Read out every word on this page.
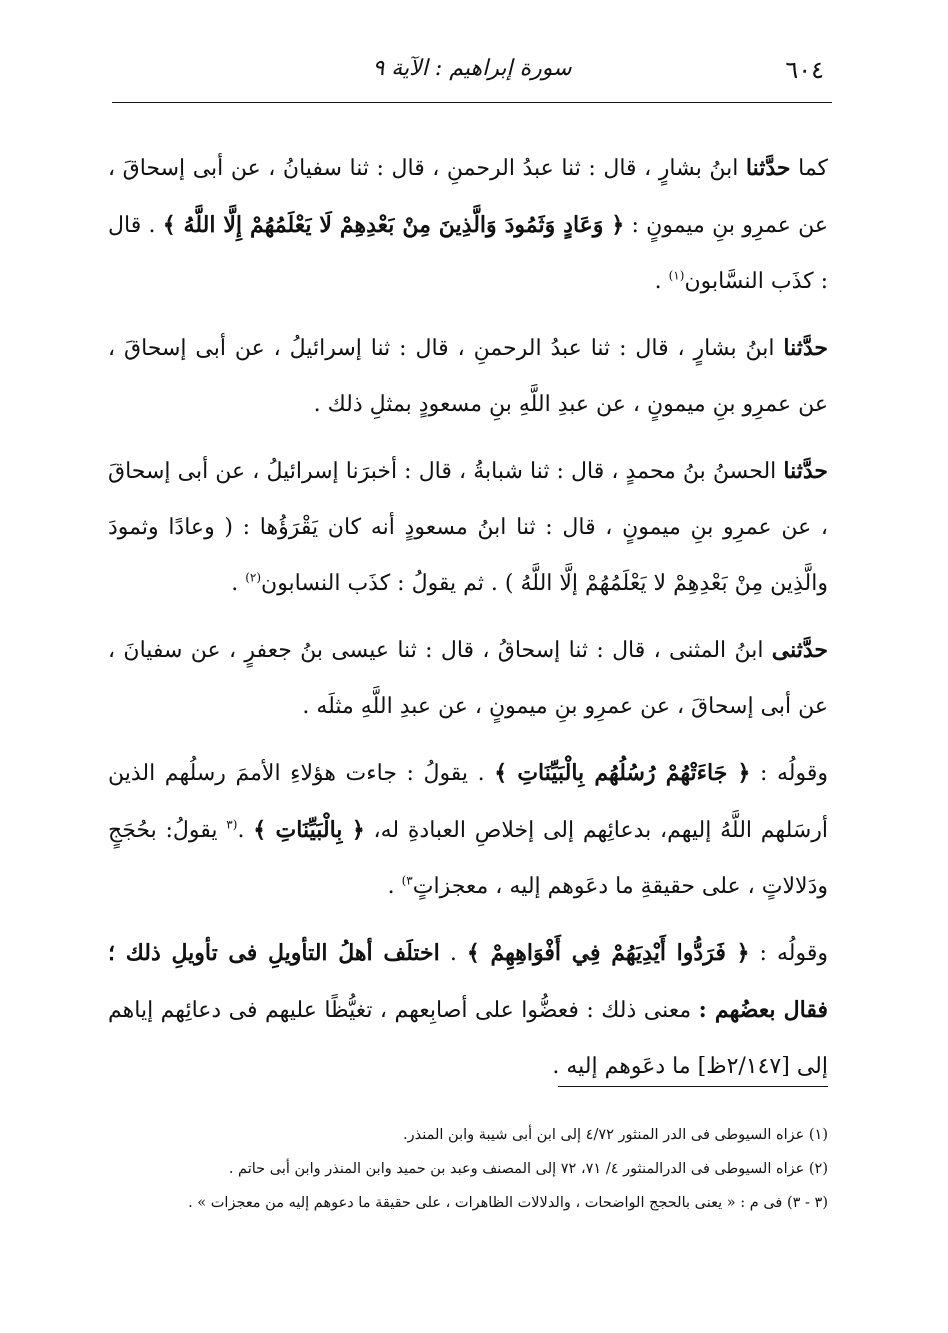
٦٠٤
سورة إبراهيم : الآية ٩

كما حدَّثنا ابنُ بشارٍ ، قال : ثنا عبدُ الرحمنِ ، قال : ثنا سفيانُ ، عن أبى إسحاقَ ، عن عمرِو بنِ ميمونٍ : ﴿ وَعَادٍ وَثَمُودَ وَالَّذِينَ مِنْ بَعْدِهِمْ لَا يَعْلَمُهُمْ إِلَّا اللَّهُ ﴾ . قال : كذَب النسَّابون$^{(١)}$ .

حدَّثنا ابنُ بشارٍ ، قال : ثنا عبدُ الرحمنِ ، قال : ثنا إسرائيلُ ، عن أبى إسحاقَ ، عن عمرِو بنِ ميمونٍ ، عن عبدِ اللَّهِ بنِ مسعودٍ بمثلِ ذلك .

حدَّثنا الحسنُ بنُ محمدٍ ، قال : ثنا شبابةُ ، قال : أخبرَنا إسرائيلُ ، عن أبى إسحاقَ ، عن عمرِو بنِ ميمونٍ ، قال : ثنا ابنُ مسعودٍ أنه كان يَقْرَؤُها : ( وعادًا وثمودَ والَّذِين مِنْ بَعْدِهِمْ لا يَعْلَمُهُمْ إلَّا اللَّهُ ) . ثم يقولُ : كذَب النسابون$^{(٢)}$ .

حدَّثنى ابنُ المثنى ، قال : ثنا إسحاقُ ، قال : ثنا عيسى بنُ جعفرٍ ، عن سفيانَ ، عن أبى إسحاقَ ، عن عمرِو بنِ ميمونٍ ، عن عبدِ اللَّهِ مثلَه .

وقولُه : ﴿ جَاءَتْهُمْ رُسُلُهُم بِالْبَيِّنَاتِ ﴾ . يقولُ : جاءت هؤلاءِ الأممَ رسلُهم الذين أرسَلهم اللَّهُ إليهم، بدعائِهم إلى إخلاصِ العبادةِ له، ﴿ بِالْبَيِّنَاتِ ﴾ .$^{(٣}$ يقولُ: بحُجَجٍ ودَلالاتٍ ، على حقيقةِ ما دعَوهم إليه ، معجزاتٍ$^{٣)}$ .

وقولُه : ﴿ فَرَدُّوا أَيْدِيَهُمْ فِي أَفْوَاهِهِمْ ﴾ . اختلَف أهلُ التأويلِ فى تأويلِ ذلك ؛ فقال بعضُهم : معنى ذلك : فعضُّوا على أصابِعهم ، تغيُّظًا عليهم فى دعائِهم إياهم إلى [٢/١٤٧ظ] ما دعَوهم إليه .

(١) عزاه السيوطى فى الدر المنثور ٤/٧٢ إلى ابن أبى شيبة وابن المنذر.

(٢) عزاه السيوطى فى الدرالمنثور ٤/ ٧١، ٧٢ إلى المصنف وعبد بن حميد وابن المنذر وابن أبى حاتم .

(٣ - ٣) فى م : « يعنى بالحجج الواضحات ، والدلالات الظاهرات ، على حقيقة ما دعوهم إليه من معجزات » .
